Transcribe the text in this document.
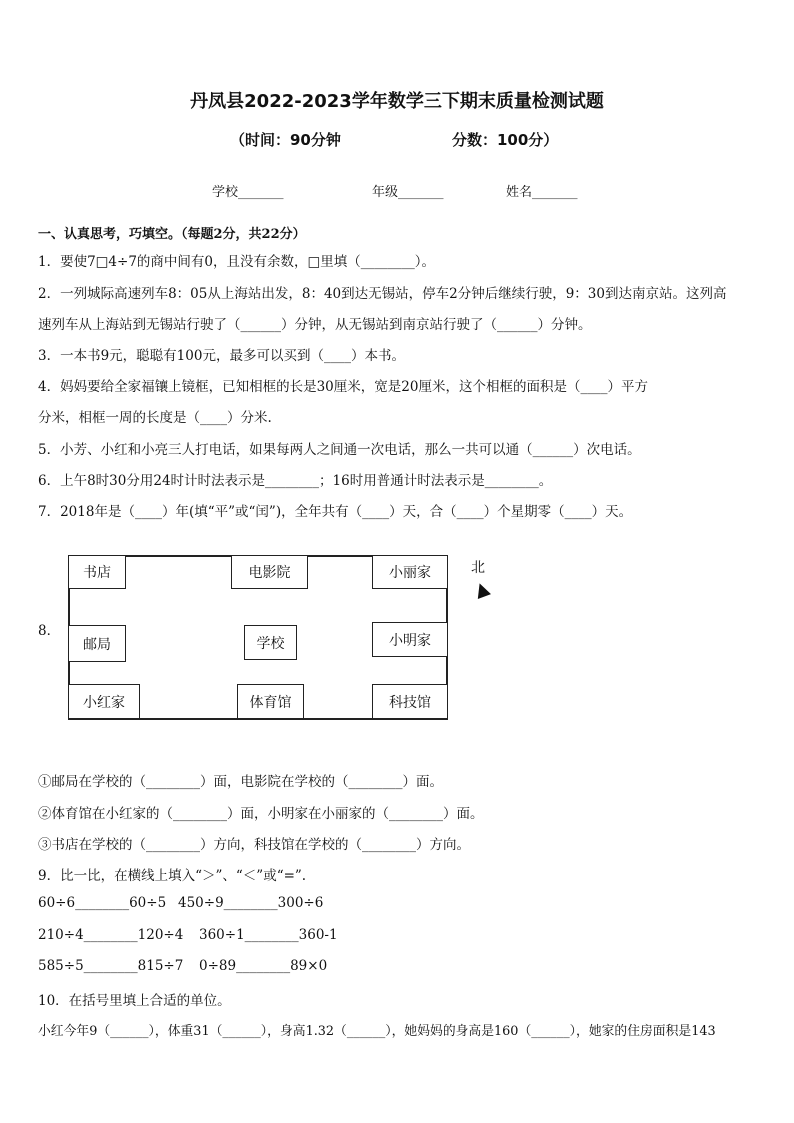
丹凤县2022-2023学年数学三下期末质量检测试题
（时间：90分钟	分数：100分）
学校_______	年级_______	姓名_______
一、认真思考，巧填空。（每题2分，共22分）
1．要使7□4÷7的商中间有0，且没有余数，□里填（________）。
2．一列城际高速列车8：05从上海站出发，8：40到达无锡站，停车2分钟后继续行驶，9：30到达南京站。这列高
速列车从上海站到无锡站行驶了（______）分钟，从无锡站到南京站行驶了（______）分钟。
3．一本书9元，聪聪有100元，最多可以买到（____）本书。
4．妈妈要给全家福镶上镜框，已知相框的长是30厘米，宽是20厘米，这个相框的面积是（____）平方
分米，相框一周的长度是（____）分米.
5．小芳、小红和小亮三人打电话，如果每两人之间通一次电话，那么一共可以通（______）次电话。
6．上午8时30分用24时计时法表示是________；16时用普通计时法表示是________。
7．2018年是（____）年(填“平”或“闰”)，全年共有（____）天，合（____）个星期零（____）天。
8．
书店	电影院	小丽家
邮局	学校	小明家
小红家	体育馆	科技馆
北
①邮局在学校的（________）面，电影院在学校的（________）面。
②体育馆在小红家的（________）面，小明家在小丽家的（________）面。
③书店在学校的（________）方向，科技馆在学校的（________）方向。
9．比一比，在横线上填入“＞”、“＜”或“=”.
60÷6________60÷5 450÷9________300÷6
210÷4________120÷4 360÷1________360-1
585÷5________815÷7 0÷89________89×0
10．在括号里填上合适的单位。
小红今年9（______），体重31（______），身高1.32（______），她妈妈的身高是160（______），她家的住房面积是143
